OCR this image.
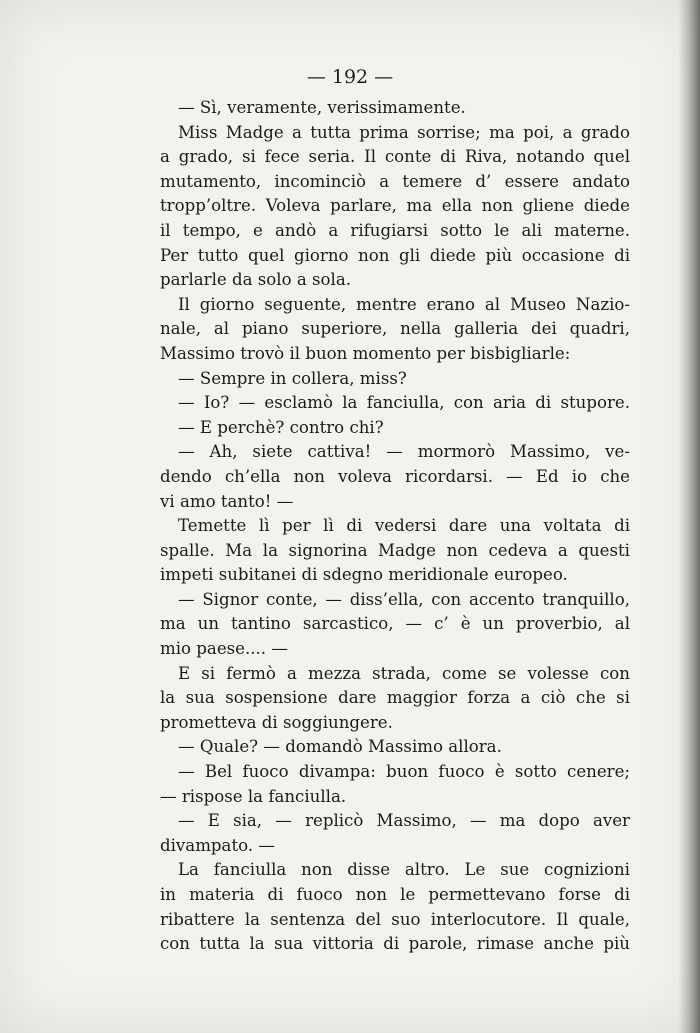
— 192 —
— Sì, veramente, verissimamente.
Miss Madge a tutta prima sorrise; ma poi, a grado
a grado, si fece seria. Il conte di Riva, notando quel
mutamento, incominciò a temere d’ essere andato
tropp’oltre. Voleva parlare, ma ella non gliene diede
il tempo, e andò a rifugiarsi sotto le ali materne.
Per tutto quel giorno non gli diede più occasione di
parlarle da solo a sola.
Il giorno seguente, mentre erano al Museo Nazio-
nale, al piano superiore, nella galleria dei quadri,
Massimo trovò il buon momento per bisbigliarle:
— Sempre in collera, miss?
— Io? — esclamò la fanciulla, con aria di stupore.
— E perchè? contro chi?
— Ah, siete cattiva! — mormorò Massimo, ve-
dendo ch’ella non voleva ricordarsi. — Ed io che
vi amo tanto! —
Temette lì per lì di vedersi dare una voltata di
spalle. Ma la signorina Madge non cedeva a questi
impeti subitanei di sdegno meridionale europeo.
— Signor conte, — diss’ella, con accento tranquillo,
ma un tantino sarcastico, — c’ è un proverbio, al
mio paese.... —
E si fermò a mezza strada, come se volesse con
la sua sospensione dare maggior forza a ciò che si
prometteva di soggiungere.
— Quale? — domandò Massimo allora.
— Bel fuoco divampa: buon fuoco è sotto cenere;
— rispose la fanciulla.
— E sia, — replicò Massimo, — ma dopo aver
divampato. —
La fanciulla non disse altro. Le sue cognizioni
in materia di fuoco non le permettevano forse di
ribattere la sentenza del suo interlocutore. Il quale,
con tutta la sua vittoria di parole, rimase anche più
